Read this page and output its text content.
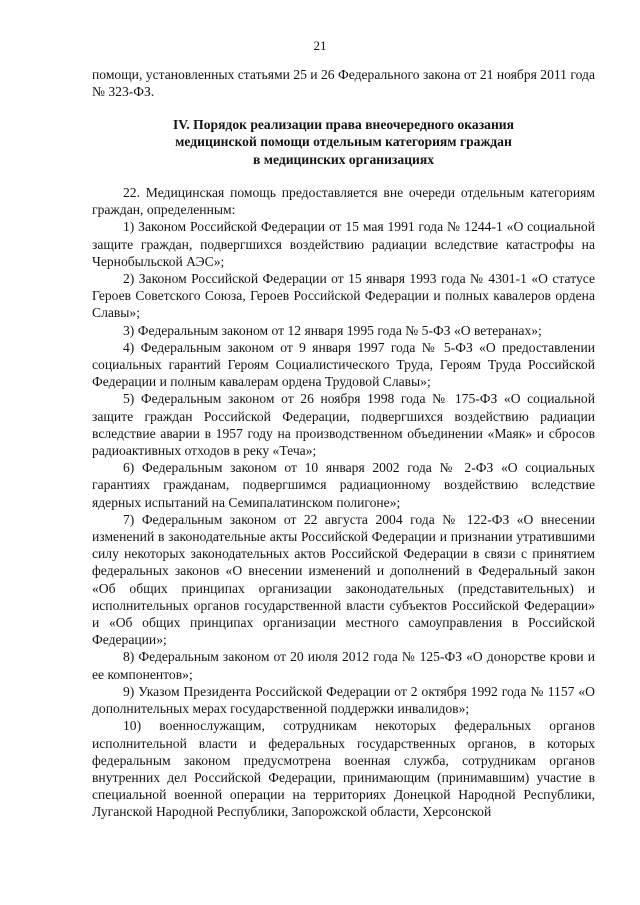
21

помощи, установленных статьями 25 и 26 Федерального закона от 21 ноября 2011 года № 323-ФЗ.

IV. Порядок реализации права внеочередного оказания
медицинской помощи отдельным категориям граждан
в медицинских организациях

22. Медицинская помощь предоставляется вне очереди отдельным категориям граждан, определенным:

1) Законом Российской Федерации от 15 мая 1991 года № 1244-1 «О социальной защите граждан, подвергшихся воздействию радиации вследствие катастрофы на Чернобыльской АЭС»;

2) Законом Российской Федерации от 15 января 1993 года № 4301-1 «О статусе Героев Советского Союза, Героев Российской Федерации и полных кавалеров ордена Славы»;

3) Федеральным законом от 12 января 1995 года № 5-ФЗ «О ветеранах»;

4) Федеральным законом от 9 января 1997 года № 5-ФЗ «О предоставлении социальных гарантий Героям Социалистического Труда, Героям Труда Российской Федерации и полным кавалерам ордена Трудовой Славы»;

5) Федеральным законом от 26 ноября 1998 года № 175-ФЗ «О социальной защите граждан Российской Федерации, подвергшихся воздействию радиации вследствие аварии в 1957 году на производственном объединении «Маяк» и сбросов радиоактивных отходов в реку «Теча»;

6) Федеральным законом от 10 января 2002 года № 2-ФЗ «О социальных гарантиях гражданам, подвергшимся радиационному воздействию вследствие ядерных испытаний на Семипалатинском полигоне»;

7) Федеральным законом от 22 августа 2004 года № 122-ФЗ «О внесении изменений в законодательные акты Российской Федерации и признании утратившими силу некоторых законодательных актов Российской Федерации в связи с принятием федеральных законов «О внесении изменений и дополнений в Федеральный закон «Об общих принципах организации законодательных (представительных) и исполнительных органов государственной власти субъектов Российской Федерации» и «Об общих принципах организации местного самоуправления в Российской Федерации»;

8) Федеральным законом от 20 июля 2012 года № 125-ФЗ «О донорстве крови и ее компонентов»;

9) Указом Президента Российской Федерации от 2 октября 1992 года № 1157 «О дополнительных мерах государственной поддержки инвалидов»;

10) военнослужащим, сотрудникам некоторых федеральных органов исполнительной власти и федеральных государственных органов, в которых федеральным законом предусмотрена военная служба, сотрудникам органов внутренних дел Российской Федерации, принимающим (принимавшим) участие в специальной военной операции на территориях Донецкой Народной Республики, Луганской Народной Республики, Запорожской области, Херсонской
